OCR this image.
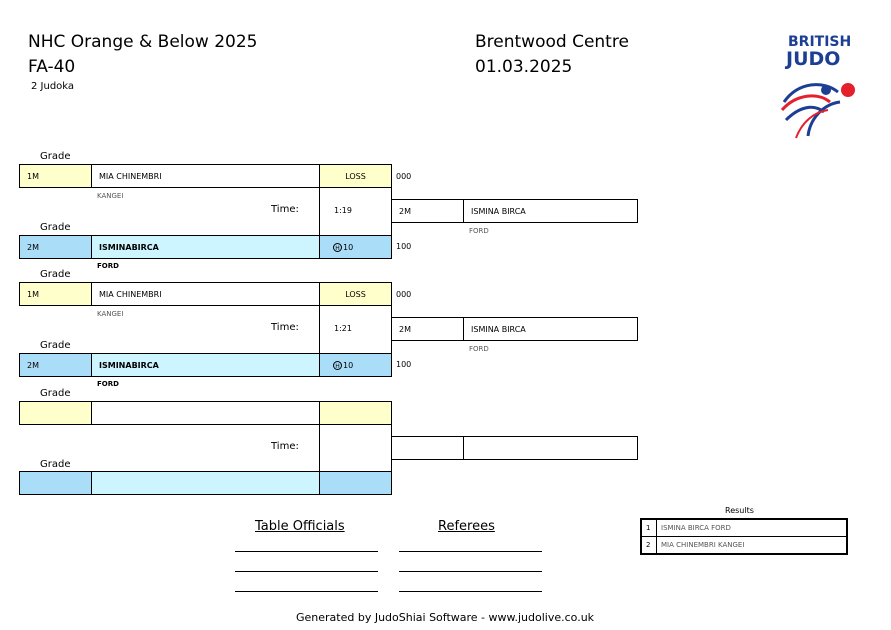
NHC Orange & Below 2025
FA-40
2 Judoka
Brentwood Centre
01.03.2025
BRITISH
JUDO
Grade
1M	MIA CHINEMBRI	LOSS	000
KANGEI
Time:	1:19
Grade
2M	ISMINABIRCA	H 10	100
FORD
2M	ISMINA BIRCA
FORD
Grade
1M	MIA CHINEMBRI	LOSS	000
KANGEI
Time:	1:21
Grade
2M	ISMINABIRCA	H 10	100
FORD
2M	ISMINA BIRCA
FORD
Grade
Time:
Grade
Table Officials	Referees
Results
1	ISMINA BIRCA FORD
2	MIA CHINEMBRI KANGEI
Generated by JudoShiai Software - www.judolive.co.uk
